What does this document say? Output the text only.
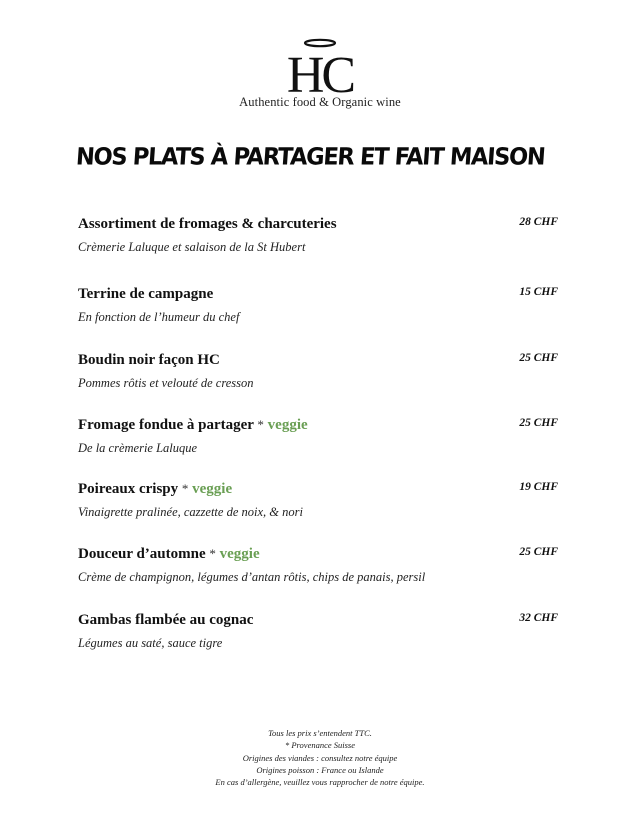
HC
Authentic food & Organic wine
NOS PLATS À PARTAGER ET FAIT MAISON
Assortiment de fromages & charcuteries	28 CHF
Crèmerie Laluque et salaison de la St Hubert
Terrine de campagne	15 CHF
En fonction de l’humeur du chef
Boudin noir façon HC	25 CHF
Pommes rôtis et velouté de cresson
Fromage fondue à partager * veggie	25 CHF
De la crèmerie Laluque
Poireaux crispy * veggie	19 CHF
Vinaigrette pralinée, cazzette de noix, & nori
Douceur d’automne * veggie	25 CHF
Crème de champignon, légumes d’antan rôtis, chips de panais, persil
Gambas flambée au cognac	32 CHF
Légumes au saté, sauce tigre
Tous les prix s’entendent TTC.
* Provenance Suisse
Origines des viandes : consultez notre équipe
Origines poisson : France ou Islande
En cas d’allergène, veuillez vous rapprocher de notre équipe.
